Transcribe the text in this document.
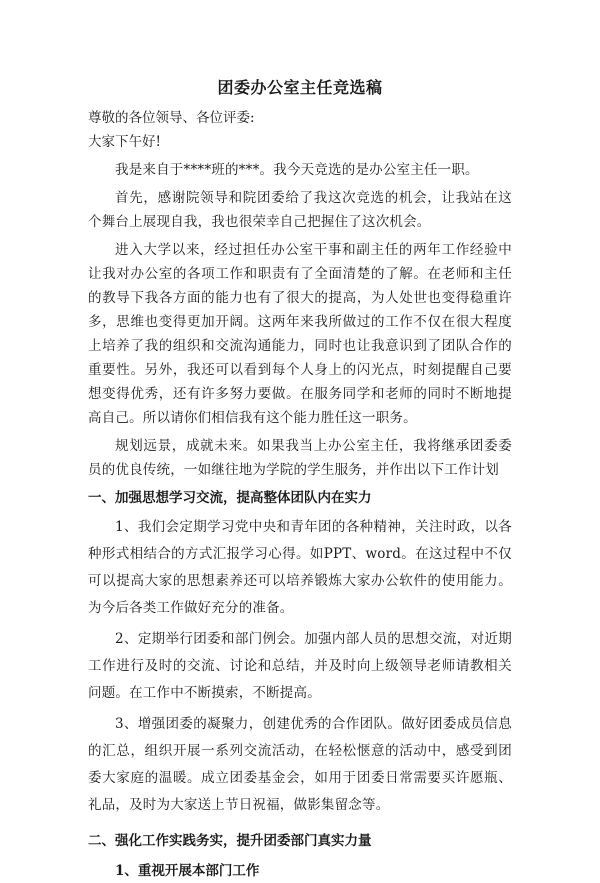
团委办公室主任竞选稿

尊敬的各位领导、各位评委:

大家下午好!

我是来自于****班的***。我今天竞选的是办公室主任一职。

首先，感谢院领导和院团委给了我这次竞选的机会，让我站在这个舞台上展现自我，我也很荣幸自己把握住了这次机会。

进入大学以来，经过担任办公室干事和副主任的两年工作经验中让我对办公室的各项工作和职责有了全面清楚的了解。在老师和主任的教导下我各方面的能力也有了很大的提高，为人处世也变得稳重许多，思维也变得更加开阔。这两年来我所做过的工作不仅在很大程度上培养了我的组织和交流沟通能力，同时也让我意识到了团队合作的重要性。另外，我还可以看到每个人身上的闪光点，时刻提醒自己要想变得优秀，还有许多努力要做。在服务同学和老师的同时不断地提高自己。所以请你们相信我有这个能力胜任这一职务。

规划远景，成就未来。如果我当上办公室主任，我将继承团委委员的优良传统，一如继往地为学院的学生服务，并作出以下工作计划

一、加强思想学习交流，提高整体团队内在实力

1、我们会定期学习党中央和青年团的各种精神，关注时政，以各种形式相结合的方式汇报学习心得。如PPT、word。在这过程中不仅可以提高大家的思想素养还可以培养锻炼大家办公软件的使用能力。为今后各类工作做好充分的准备。

2、定期举行团委和部门例会。加强内部人员的思想交流，对近期工作进行及时的交流、讨论和总结，并及时向上级领导老师请教相关问题。在工作中不断摸索，不断提高。

3、增强团委的凝聚力，创建优秀的合作团队。做好团委成员信息的汇总，组织开展一系列交流活动，在轻松惬意的活动中，感受到团委大家庭的温暖。成立团委基金会，如用于团委日常需要买许愿瓶、礼品，及时为大家送上节日祝福，做影集留念等。

二、强化工作实践务实，提升团委部门真实力量

1、重视开展本部门工作
